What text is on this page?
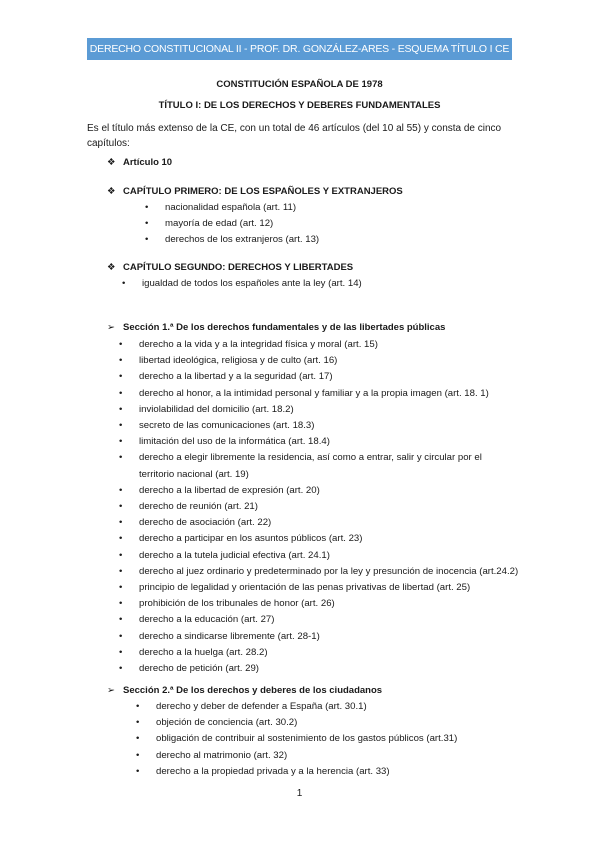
DERECHO CONSTITUCIONAL II - PROF. DR. GONZÁLEZ-ARES - ESQUEMA TÍTULO I CE
CONSTITUCIÓN ESPAÑOLA DE 1978
TÍTULO I: DE LOS DERECHOS Y DEBERES FUNDAMENTALES
Es el título más extenso de la CE, con un total de 46 artículos (del 10 al 55) y consta de cinco capítulos:
❖ Artículo 10
❖ CAPÍTULO PRIMERO: DE LOS ESPAÑOLES Y EXTRANJEROS
• nacionalidad española (art. 11)
• mayoría de edad (art. 12)
• derechos de los extranjeros (art. 13)
❖ CAPÍTULO SEGUNDO: DERECHOS Y LIBERTADES
• igualdad de todos los españoles ante la ley (art. 14)
➢ Sección 1.ª De los derechos fundamentales y de las libertades públicas
• derecho a la vida y a la integridad física y moral (art. 15)
• libertad ideológica, religiosa y de culto (art. 16)
• derecho a la libertad y a la seguridad (art. 17)
• derecho al honor, a la intimidad personal y familiar y a la propia imagen (art. 18. 1)
• inviolabilidad del domicilio (art. 18.2)
• secreto de las comunicaciones (art. 18.3)
• limitación del uso de la informática (art. 18.4)
• derecho a elegir libremente la residencia, así como a entrar, salir y circular por el territorio nacional (art. 19)
• derecho a la libertad de expresión (art. 20)
• derecho de reunión (art. 21)
• derecho de asociación (art. 22)
• derecho a participar en los asuntos públicos (art. 23)
• derecho a la tutela judicial efectiva (art. 24.1)
• derecho al juez ordinario y predeterminado por la ley y presunción de inocencia (art.24.2)
• principio de legalidad y orientación de las penas privativas de libertad (art. 25)
• prohibición de los tribunales de honor (art. 26)
• derecho a la educación (art. 27)
• derecho a sindicarse libremente (art. 28-1)
• derecho a la huelga (art. 28.2)
• derecho de petición (art. 29)
➢ Sección 2.ª De los derechos y deberes de los ciudadanos
• derecho y deber de defender a España (art. 30.1)
• objeción de conciencia (art. 30.2)
• obligación de contribuir al sostenimiento de los gastos públicos (art.31)
• derecho al matrimonio (art. 32)
• derecho a la propiedad privada y a la herencia (art. 33)
1
